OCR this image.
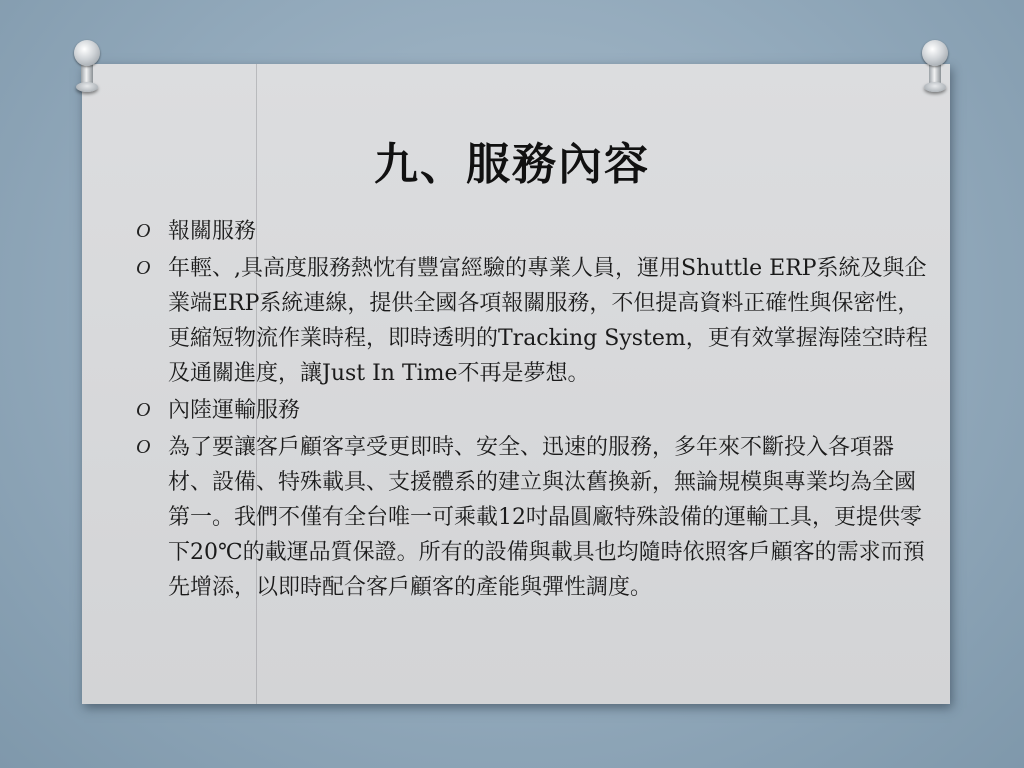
九、服務內容
O 報關服務
O 年輕、,具高度服務熱忱有豐富經驗的專業人員，運用Shuttle ERP系統及與企業端ERP系統連線，提供全國各項報關服務，不但提高資料正確性與保密性，更縮短物流作業時程，即時透明的Tracking System，更有效掌握海陸空時程及通關進度，讓Just In Time不再是夢想。
O 內陸運輸服務
O 為了要讓客戶顧客享受更即時、安全、迅速的服務，多年來不斷投入各項器材、設備、特殊載具、支援體系的建立與汰舊換新，無論規模與專業均為全國第一。我們不僅有全台唯一可乘載12吋晶圓廠特殊設備的運輸工具，更提供零下20℃的載運品質保證。所有的設備與載具也均隨時依照客戶顧客的需求而預先增添，以即時配合客戶顧客的產能與彈性調度。
